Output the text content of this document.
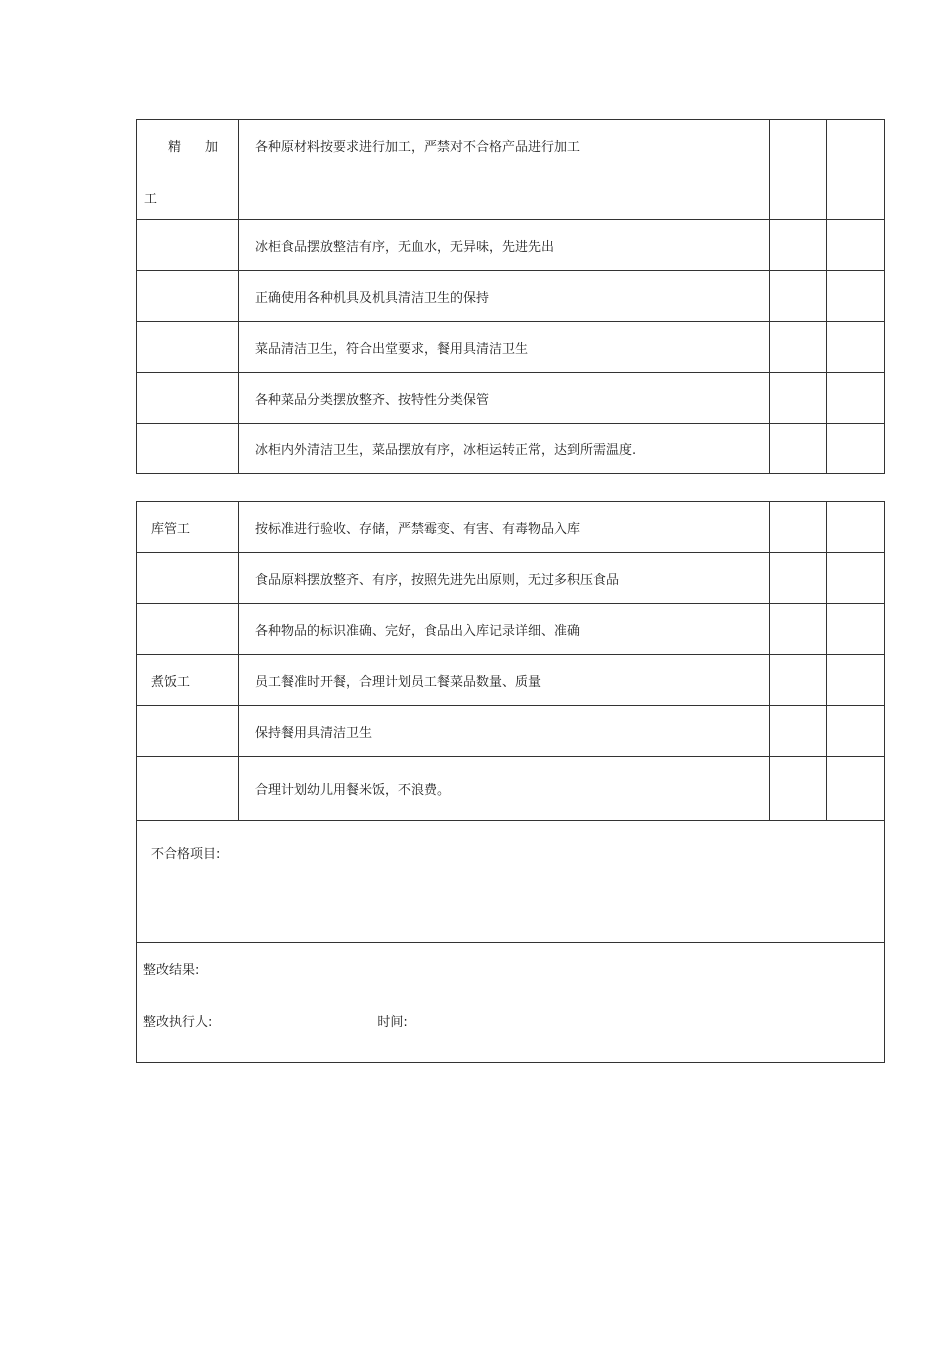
精 加
工	各种原材料按要求进行加工，严禁对不合格产品进行加工		
	冰柜食品摆放整洁有序，无血水，无异味，先进先出		
	正确使用各种机具及机具清洁卫生的保持		
	菜品清洁卫生，符合出堂要求，餐用具清洁卫生		
	各种菜品分类摆放整齐、按特性分类保管		
	冰柜内外清洁卫生，菜品摆放有序，冰柜运转正常，达到所需温度.		
库管工	按标准进行验收、存储，严禁霉变、有害、有毒物品入库		
	食品原料摆放整齐、有序，按照先进先出原则，无过多积压食品		
	各种物品的标识准确、完好，食品出入库记录详细、准确		
煮饭工	员工餐准时开餐，合理计划员工餐菜品数量、质量		
	保持餐用具清洁卫生		
	合理计划幼儿用餐米饭，不浪费。		
不合格项目:			

整改结果:
整改执行人: 时间:			
